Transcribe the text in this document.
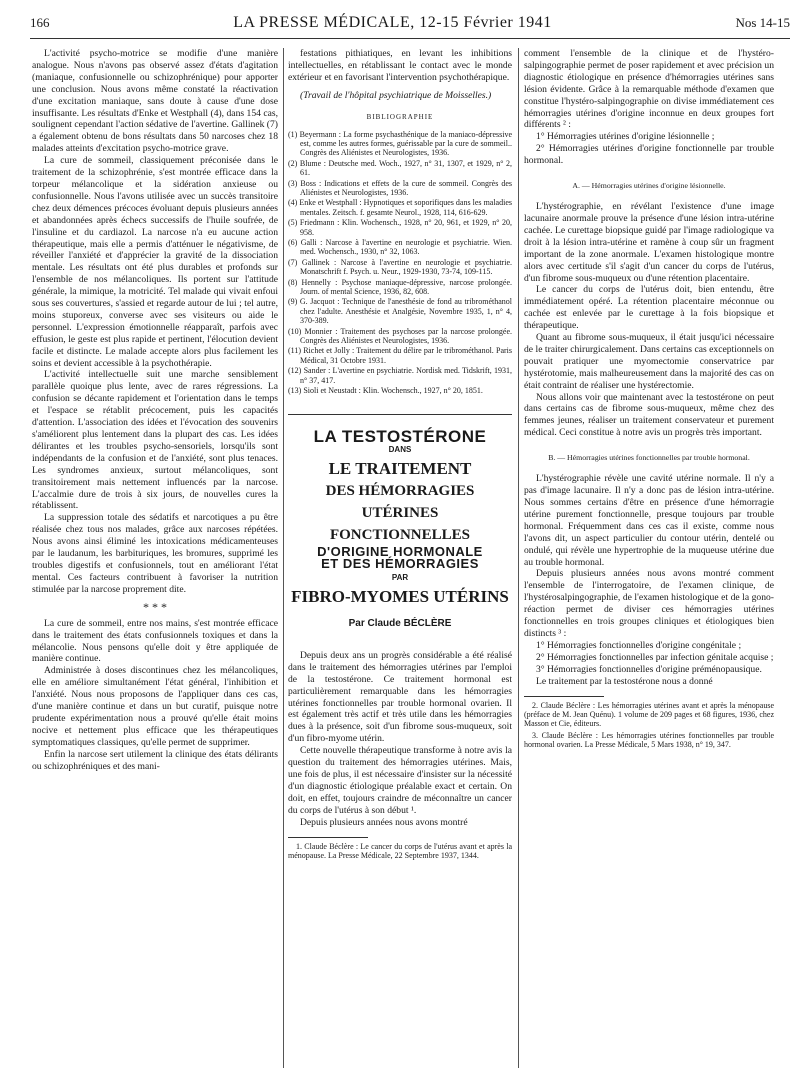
166	LA PRESSE MÉDICALE, 12-15 Février 1941	Nos 14-15

L'activité psycho-motrice se modifie d'une manière analogue. Nous n'avons pas observé assez d'états d'agitation (maniaque, confusionnelle ou schizophrénique) pour apporter une conclusion. Nous avons même constaté la réactivation d'une excitation maniaque, sans doute à cause d'une dose insuffisante. Les résultats d'Enke et Westphall (4), dans 154 cas, soulignent cependant l'action sédative de l'avertine. Gallinek (7) a également obtenu de bons résultats dans 50 narcoses chez 18 malades atteints d'excitation psycho-motrice grave.

La cure de sommeil, classiquement préconisée dans le traitement de la schizophrénie, s'est montrée efficace dans la torpeur mélancolique et la sidération anxieuse ou confusionnelle. Nous l'avons utilisée avec un succès transitoire chez deux démences précoces évoluant depuis plusieurs années et abandonnées après échecs successifs de l'huile soufrée, de l'insuline et du cardiazol. La narcose n'a eu aucune action thérapeutique, mais elle a permis d'atténuer le négativisme, de réveiller l'anxiété et d'apprécier la gravité de la dissociation mentale. Les résultats ont été plus durables et profonds sur l'ensemble de nos mélancoliques. Ils portent sur l'attitude générale, la mimique, la motricité. Tel malade qui vivait enfoui sous ses couvertures, s'assied et regarde autour de lui ; tel autre, moins stuporeux, converse avec ses visiteurs ou aide le personnel. L'expression émotionnelle réapparaît, parfois avec effusion, le geste est plus rapide et pertinent, l'élocution devient facile et distincte. Le malade accepte alors plus facilement les soins et devient accessible à la psychothérapie.

L'activité intellectuelle suit une marche sensiblement parallèle quoique plus lente, avec de rares régressions. La confusion se décante rapidement et l'orientation dans le temps et l'espace se rétablit précocement, puis les capacités d'attention. L'association des idées et l'évocation des souvenirs s'améliorent plus lentement dans la plupart des cas. Les idées délirantes et les troubles psycho-sensoriels, lorsqu'ils sont indépendants de la confusion et de l'anxiété, sont plus tenaces. Les syndromes anxieux, surtout mélancoliques, sont transitoirement mais nettement influencés par la narcose. L'accalmie dure de trois à six jours, de nouvelles cures la rétablissent.

La suppression totale des sédatifs et narcotiques a pu être réalisée chez tous nos malades, grâce aux narcoses répétées. Nous avons ainsi éliminé les intoxications médicamenteuses par le laudanum, les barbituriques, les bromures, supprimé les troubles digestifs et confusionnels, tout en améliorant l'état mental. Ces facteurs contribuent à favoriser la nutrition stimulée par la narcose proprement dite.

* * *

La cure de sommeil, entre nos mains, s'est montrée efficace dans le traitement des états confusionnels toxiques et dans la mélancolie. Nous pensons qu'elle doit y être appliquée de manière continue.

Administrée à doses discontinues chez les mélancoliques, elle en améliore simultanément l'état général, l'inhibition et l'anxiété. Nous nous proposons de l'appliquer dans ces cas, d'une manière continue et dans un but curatif, puisque notre prudente expérimentation nous a prouvé qu'elle était moins nocive et nettement plus efficace que les thérapeutiques symptomatiques classiques, qu'elle permet de supprimer.

Enfin la narcose sert utilement la clinique des états délirants ou schizophréniques et des mani-

festations pithiatiques, en levant les inhibitions intellectuelles, en rétablissant le contact avec le monde extérieur et en favorisant l'intervention psychothérapique.

(Travail de l'hôpital psychiatrique de Moisselles.)

BIBLIOGRAPHIE

(1) Beyermann : La forme psychasthénique de la maniaco-dépressive est, comme les autres formes, guérissable par la cure de sommeil.. Congrès des Aliénistes et Neurologistes, 1936.

(2) Blume : Deutsche med. Woch., 1927, n° 31, 1307, et 1929, n° 2, 61.

(3) Boss : Indications et effets de la cure de sommeil. Congrès des Aliénistes et Neurologistes, 1936.

(4) Enke et Westphall : Hypnotiques et soporifiques dans les maladies mentales. Zeitsch. f. gesamte Neurol., 1928, 114, 616-629.

(5) Friedmann : Klin. Wochensch., 1928, n° 20, 961, et 1929, n° 20, 958.

(6) Galli : Narcose à l'avertine en neurologie et psychiatrie. Wien. med. Wochensch., 1930, n° 32, 1063.

(7) Gallinek : Narcose à l'avertine en neurologie et psychiatrie. Monatschrift f. Psych. u. Neur., 1929-1930, 73-74, 109-115.

(8) Hennelly : Psychose maniaque-dépressive, narcose prolongée. Journ. of mental Science, 1936, 82, 608.

(9) G. Jacquot : Technique de l'anesthésie de fond au tribrométhanol chez l'adulte. Anesthésie et Analgésie, Novembre 1935, 1, n° 4, 370-389.

(10) Monnier : Traitement des psychoses par la narcose prolongée. Congrès des Aliénistes et Neurologistes, 1936.

(11) Richet et Jolly : Traitement du délire par le tribrométhanol. Paris Médical, 31 Octobre 1931.

(12) Sander : L'avertine en psychiatrie. Nordisk med. Tidskrift, 1931, n° 37, 417.

(13) Sioli et Neustadt : Klin. Wochensch., 1927, n° 20, 1851.

LA TESTOSTÉRONE
DANS
LE TRAITEMENT
DES HÉMORRAGIES UTÉRINES
FONCTIONNELLES
D'ORIGINE HORMONALE
ET DES HÉMORRAGIES
PAR
FIBRO-MYOMES UTÉRINS
Par Claude BÉCLÈRE

Depuis deux ans un progrès considérable a été réalisé dans le traitement des hémorragies utérines par l'emploi de la testostérone. Ce traitement hormonal est particulièrement remarquable dans les hémorragies utérines fonctionnelles par trouble hormonal ovarien. Il est également très actif et très utile dans les hémorragies dues à la présence, soit d'un fibrome sous-muqueux, soit d'un fibro-myome utérin.

Cette nouvelle thérapeutique transforme à notre avis la question du traitement des hémorragies utérines. Mais, une fois de plus, il est nécessaire d'insister sur la nécessité d'un diagnostic étiologique préalable exact et certain. On doit, en effet, toujours craindre de méconnaître un cancer du corps de l'utérus à son début ¹.

Depuis plusieurs années nous avons montré

1. Claude Béclère : Le cancer du corps de l'utérus avant et après la ménopause. La Presse Médicale, 22 Septembre 1937, 1344.

comment l'ensemble de la clinique et de l'hystéro-salpingographie permet de poser rapidement et avec précision un diagnostic étiologique en présence d'hémorragies utérines sans lésion évidente. Grâce à la remarquable méthode d'examen que constitue l'hystéro-salpingographie on divise immédiatement ces hémorragies utérines d'origine inconnue en deux groupes fort différents ² :

1° Hémorragies utérines d'origine lésionnelle ;

2° Hémorragies utérines d'origine fonctionnelle par trouble hormonal.

A. — Hémorragies utérines d'origine lésionnelle.

L'hystérographie, en révélant l'existence d'une image lacunaire anormale prouve la présence d'une lésion intra-utérine cachée. Le curettage biopsique guidé par l'image radiologique va droit à la lésion intra-utérine et ramène à coup sûr un fragment important de la zone anormale. L'examen histologique montre alors avec certitude s'il s'agit d'un cancer du corps de l'utérus, d'un fibrome sous-muqueux ou d'une rétention placentaire.

Le cancer du corps de l'utérus doit, bien entendu, être immédiatement opéré. La rétention placentaire méconnue ou cachée est enlevée par le curettage à la fois biopsique et thérapeutique.

Quant au fibrome sous-muqueux, il était jusqu'ici nécessaire de le traiter chirurgicalement. Dans certains cas exceptionnels on pouvait pratiquer une myomectomie conservatrice par hystérotomie, mais malheureusement dans la majorité des cas on était contraint de réaliser une hystérectomie.

Nous allons voir que maintenant avec la testostérone on peut dans certains cas de fibrome sous-muqueux, même chez des femmes jeunes, réaliser un traitement conservateur et purement médical. Ceci constitue à notre avis un progrès très important.

B. — Hémorragies utérines fonctionnelles par trouble hormonal.

L'hystérographie révèle une cavité utérine normale. Il n'y a pas d'image lacunaire. Il n'y a donc pas de lésion intra-utérine. Nous sommes certains d'être en présence d'une hémorragie utérine purement fonctionnelle, presque toujours par trouble hormonal. Fréquemment dans ces cas il existe, comme nous l'avons dit, un aspect particulier du contour utérin, dentelé ou ondulé, qui révèle une hypertrophie de la muqueuse utérine due au trouble hormonal.

Depuis plusieurs années nous avons montré comment l'ensemble de l'interrogatoire, de l'examen clinique, de l'hystérosalpingographie, de l'examen histologique et de la gono-réaction permet de diviser ces hémorragies utérines fonctionnelles en trois groupes cliniques et étiologiques bien distincts ³ :

1° Hémorragies fonctionnelles d'origine congénitale ;

2° Hémorragies fonctionnelles par infection génitale acquise ;

3° Hémorragies fonctionnelles d'origine préménopausique.

Le traitement par la testostérone nous a donné

2. Claude Béclère : Les hémorragies utérines avant et après la ménopause (préface de M. Jean Quénu). 1 volume de 209 pages et 68 figures, 1936, chez Masson et Cie, éditeurs.

3. Claude Béclère : Les hémorragies utérines fonctionnelles par trouble hormonal ovarien. La Presse Médicale, 5 Mars 1938, n° 19, 347.
